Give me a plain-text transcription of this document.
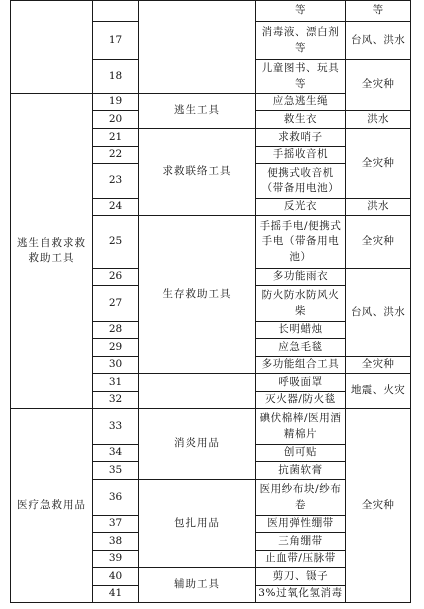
			等	等
	17		消毒液、漂白剂等	台风、洪水
	18		儿童图书、玩具等	全灾种
逃生自救求救救助工具	19	逃生工具	应急逃生绳	
	20		救生衣	洪水
	21	求救联络工具	求救哨子	全灾种
	22		手摇收音机	
	23		便携式收音机（带备用电池）	
	24		反光衣	洪水
	25	生存救助工具	手摇手电/便携式手电（带备用电池）	全灾种
	26		多功能雨衣	台风、洪水
	27		防火防水防风火柴	
	28		长明蜡烛	
	29		应急毛毯	
	30		多功能组合工具	全灾种
	31		呼吸面罩	地震、火灾
	32		灭火器/防火毯	
医疗急救用品	33	消炎用品	碘伏棉棒/医用酒精棉片	全灾种
	34		创可贴	
	35		抗菌软膏	
	36	包扎用品	医用纱布块/纱布卷	
	37		医用弹性绷带	
	38		三角绷带	
	39		止血带/压脉带	
	40	辅助工具	剪刀、镊子	
	41		3%过氧化氢消毒	
